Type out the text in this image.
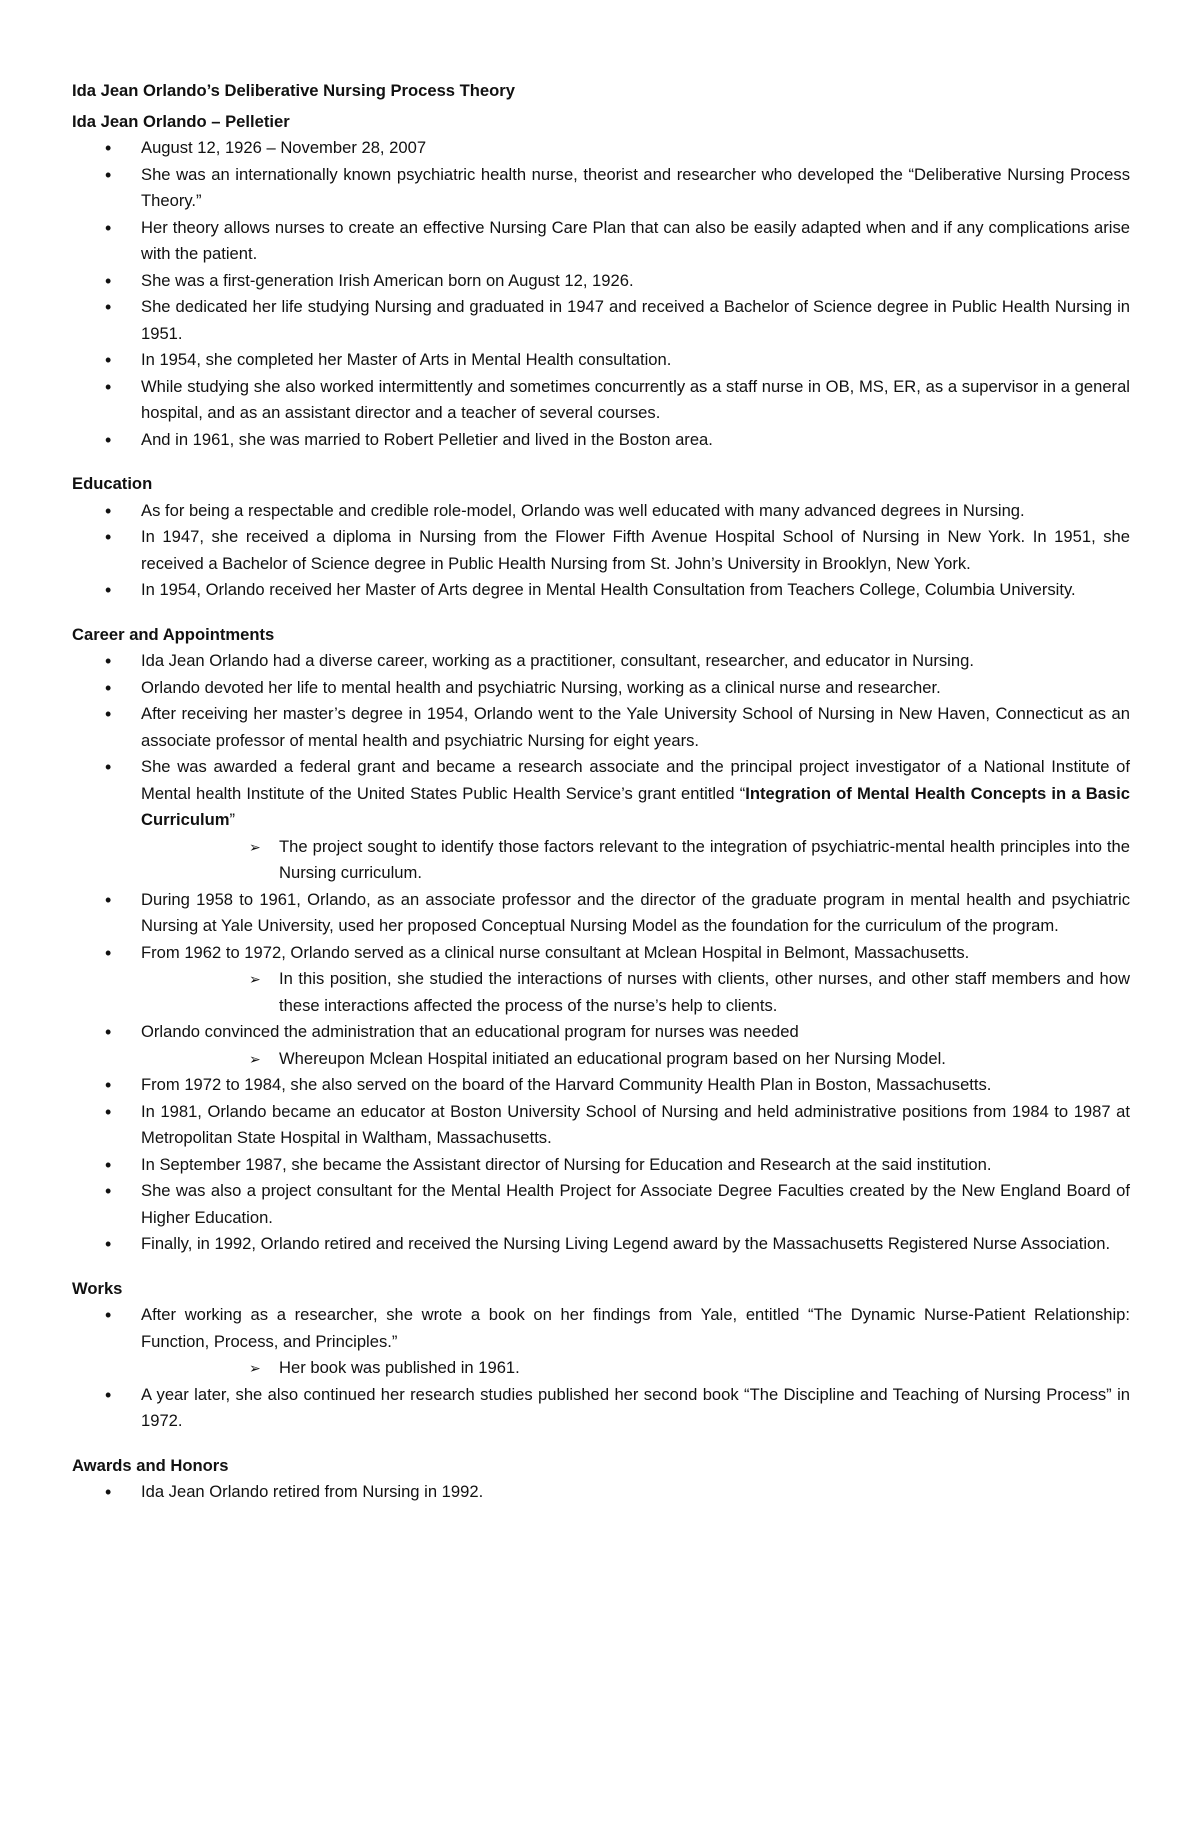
Ida Jean Orlando’s Deliberative Nursing Process Theory
Ida Jean Orlando – Pelletier
• August 12, 1926 – November 28, 2007
• She was an internationally known psychiatric health nurse, theorist and researcher who developed the “Deliberative Nursing Process Theory.”
• Her theory allows nurses to create an effective Nursing Care Plan that can also be easily adapted when and if any complications arise with the patient.
• She was a first-generation Irish American born on August 12, 1926.
• She dedicated her life studying Nursing and graduated in 1947 and received a Bachelor of Science degree in Public Health Nursing in 1951.
• In 1954, she completed her Master of Arts in Mental Health consultation.
• While studying she also worked intermittently and sometimes concurrently as a staff nurse in OB, MS, ER, as a supervisor in a general hospital, and as an assistant director and a teacher of several courses.
• And in 1961, she was married to Robert Pelletier and lived in the Boston area.
Education
• As for being a respectable and credible role-model, Orlando was well educated with many advanced degrees in Nursing.
• In 1947, she received a diploma in Nursing from the Flower Fifth Avenue Hospital School of Nursing in New York. In 1951, she received a Bachelor of Science degree in Public Health Nursing from St. John’s University in Brooklyn, New York.
• In 1954, Orlando received her Master of Arts degree in Mental Health Consultation from Teachers College, Columbia University.
Career and Appointments
• Ida Jean Orlando had a diverse career, working as a practitioner, consultant, researcher, and educator in Nursing.
• Orlando devoted her life to mental health and psychiatric Nursing, working as a clinical nurse and researcher.
• After receiving her master’s degree in 1954, Orlando went to the Yale University School of Nursing in New Haven, Connecticut as an associate professor of mental health and psychiatric Nursing for eight years.
• She was awarded a federal grant and became a research associate and the principal project investigator of a National Institute of Mental health Institute of the United States Public Health Service’s grant entitled “Integration of Mental Health Concepts in a Basic Curriculum”
➢ The project sought to identify those factors relevant to the integration of psychiatric-mental health principles into the Nursing curriculum.
• During 1958 to 1961, Orlando, as an associate professor and the director of the graduate program in mental health and psychiatric Nursing at Yale University, used her proposed Conceptual Nursing Model as the foundation for the curriculum of the program.
• From 1962 to 1972, Orlando served as a clinical nurse consultant at Mclean Hospital in Belmont, Massachusetts.
➢ In this position, she studied the interactions of nurses with clients, other nurses, and other staff members and how these interactions affected the process of the nurse’s help to clients.
• Orlando convinced the administration that an educational program for nurses was needed
➢ Whereupon Mclean Hospital initiated an educational program based on her Nursing Model.
• From 1972 to 1984, she also served on the board of the Harvard Community Health Plan in Boston, Massachusetts.
• In 1981, Orlando became an educator at Boston University School of Nursing and held administrative positions from 1984 to 1987 at Metropolitan State Hospital in Waltham, Massachusetts.
• In September 1987, she became the Assistant director of Nursing for Education and Research at the said institution.
• She was also a project consultant for the Mental Health Project for Associate Degree Faculties created by the New England Board of Higher Education.
• Finally, in 1992, Orlando retired and received the Nursing Living Legend award by the Massachusetts Registered Nurse Association.
Works
• After working as a researcher, she wrote a book on her findings from Yale, entitled “The Dynamic Nurse-Patient Relationship: Function, Process, and Principles.”
➢ Her book was published in 1961.
• A year later, she also continued her research studies published her second book “The Discipline and Teaching of Nursing Process” in 1972.
Awards and Honors
• Ida Jean Orlando retired from Nursing in 1992.
